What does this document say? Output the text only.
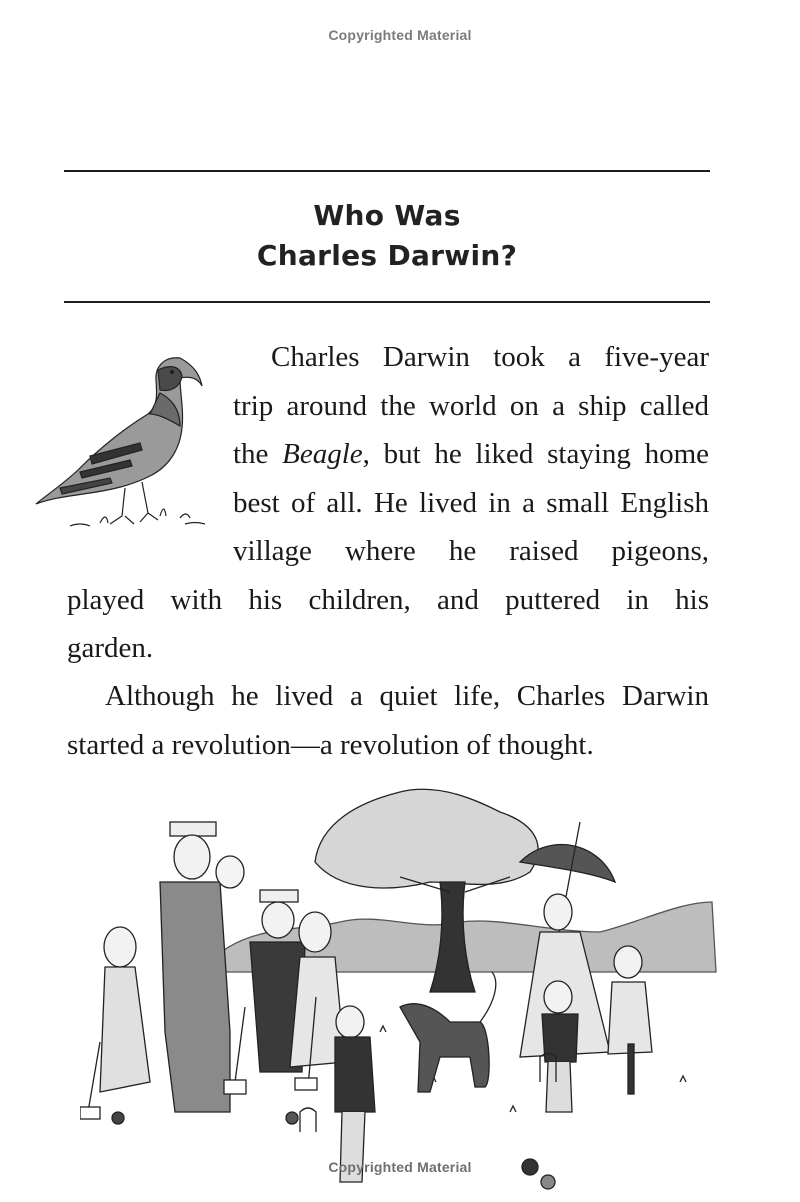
Copyrighted Material
Who Was
Charles Darwin?
Charles Darwin took a five-year
trip around the world on a ship called
the Beagle, but he liked staying home
best of all. He lived in a small English
village where he raised pigeons,
played with his children, and puttered in his
garden.
Although he lived a quiet life, Charles Darwin
started a revolution—a revolution of thought.
Copyrighted Material
